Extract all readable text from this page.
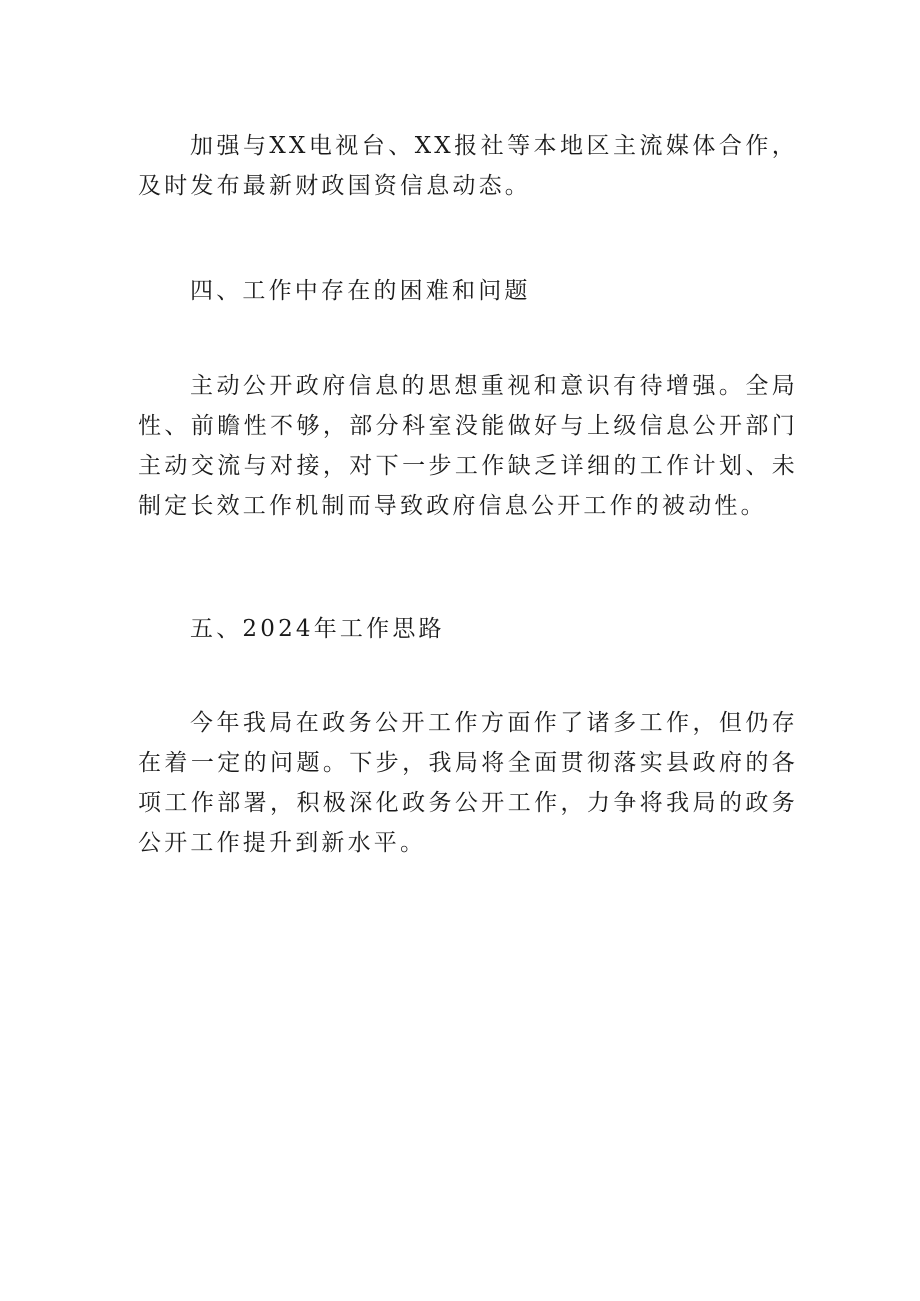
加强与XX电视台、XX报社等本地区主流媒体合作，及时发布最新财政国资信息动态。

四、工作中存在的困难和问题

主动公开政府信息的思想重视和意识有待增强。全局性、前瞻性不够，部分科室没能做好与上级信息公开部门主动交流与对接，对下一步工作缺乏详细的工作计划、未制定长效工作机制而导致政府信息公开工作的被动性。

五、2024年工作思路

今年我局在政务公开工作方面作了诸多工作，但仍存在着一定的问题。下步，我局将全面贯彻落实县政府的各项工作部署，积极深化政务公开工作，力争将我局的政务公开工作提升到新水平。
